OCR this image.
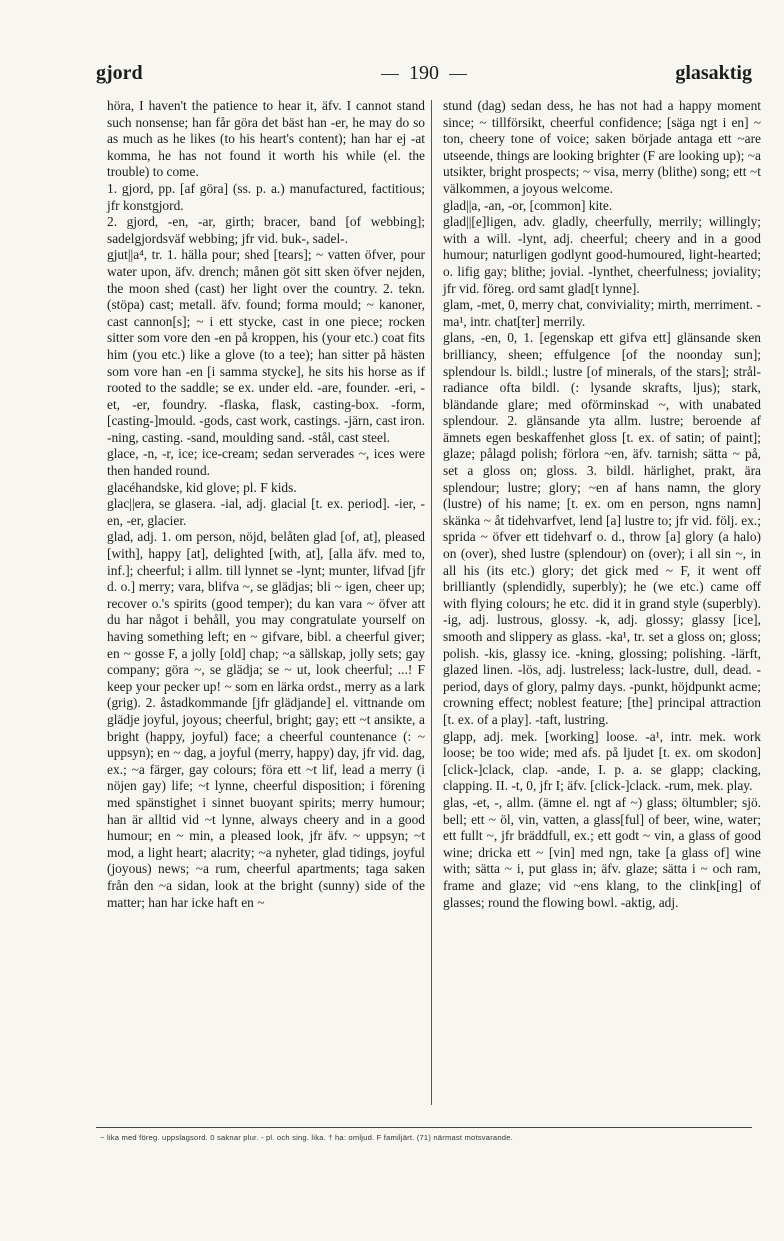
gjord	190	glasaktig

höra, I haven't the patience to hear it, äfv. I cannot stand such nonsense; han får göra det bäst han -er, he may do so as much as he likes (to his heart's content); han har ej -at komma, he has not found it worth his while (el. the trouble) to come.

1. gjord, pp. [af göra] (ss. p. a.) manufactured, factitious; jfr konstgjord.

2. gjord, -en, -ar, girth; bracer, band [of webbing]; sadelgjordsväf webbing; jfr vid. buk-, sadel-.

gjut||a⁴, tr. 1. hälla pour; shed [tears]; ~ vatten öfver, pour water upon, äfv. drench; månen göt sitt sken öfver nejden, the moon shed (cast) her light over the country. 2. tekn. (stöpa) cast; metall. äfv. found; forma mould; ~ kanoner, cast cannon[s]; ~ i ett stycke, cast in one piece; rocken sitter som vore den -en på kroppen, his (your etc.) coat fits him (you etc.) like a glove (to a tee); han sitter på hästen som vore han -en [i samma stycke], he sits his horse as if rooted to the saddle; se ex. under eld. -are, founder. -eri, -et, -er, foundry. -flaska, flask, casting-box. -form, [casting-]mould. -gods, cast work, castings. -järn, cast iron. -ning, casting. -sand, moulding sand. -stål, cast steel.

glace, -n, -r, ice; ice-cream; sedan serverades ~, ices were then handed round.

glacéhandske, kid glove; pl. F kids.

glac||era, se glasera. -ial, adj. glacial [t. ex. period]. -ier, -en, -er, glacier.

glad, adj. 1. om person, nöjd, belåten glad [of, at], pleased [with], happy [at], delighted [with, at], [alla äfv. med to, inf.]; cheerful; i allm. till lynnet se -lynt; munter, lifvad [jfr d. o.] merry; vara, blifva ~, se glädjas; bli ~ igen, cheer up; recover o.'s spirits (good temper); du kan vara ~ öfver att du har något i behåll, you may congratulate yourself on having something left; en ~ gifvare, bibl. a cheerful giver; en ~ gosse F, a jolly [old] chap; ~a sällskap, jolly sets; gay company; göra ~, se glädja; se ~ ut, look cheerful; ...! F keep your pecker up! ~ som en lärka ordst., merry as a lark (grig). 2. åstadkommande [jfr glädjande] el. vittnande om glädje joyful, joyous; cheerful, bright; gay; ett ~t ansikte, a bright (happy, joyful) face; a cheerful countenance (: ~ uppsyn); en ~ dag, a joyful (merry, happy) day, jfr vid. dag, ex.; ~a färger, gay colours; föra ett ~t lif, lead a merry (i nöjen gay) life; ~t lynne, cheerful disposition; i förening med spänstighet i sinnet buoyant spirits; merry humour; han är alltid vid ~t lynne, always cheery and in a good humour; en ~ min, a pleased look, jfr äfv. ~ uppsyn; ~t mod, a light heart; alacrity; ~a nyheter, glad tidings, joyful (joyous) news; ~a rum, cheerful apartments; taga saken från den ~a sidan, look at the bright (sunny) side of the matter; han har icke haft en ~

stund (dag) sedan dess, he has not had a happy moment since; ~ tillförsikt, cheerful confidence; [säga ngt i en] ~ ton, cheery tone of voice; saken började antaga ett ~are utseende, things are looking brighter (F are looking up); ~a utsikter, bright prospects; ~ visa, merry (blithe) song; ett ~t välkommen, a joyous welcome.

glad||a, -an, -or, [common] kite.

glad||[e]ligen, adv. gladly, cheerfully, merrily; willingly; with a will. -lynt, adj. cheerful; cheery and in a good humour; naturligen godlynt good-humoured, light-hearted; o. lifig gay; blithe; jovial. -lynthet, cheerfulness; joviality; jfr vid. föreg. ord samt glad[t lynne].

glam, -met, 0, merry chat, conviviality; mirth, merriment. -ma¹, intr. chat[ter] merrily.

glans, -en, 0, 1. [egenskap ett gifva ett] glänsande sken brilliancy, sheen; effulgence [of the noonday sun]; splendour ls. bildl.; lustre [of minerals, of the stars]; strål- radiance ofta bildl. (: lysande skrafts, ljus); stark, bländande glare; med oförminskad ~, with unabated splendour. 2. glänsande yta allm. lustre; beroende af ämnets egen beskaffenhet gloss [t. ex. of satin; of paint]; glaze; pålagd polish; förlora ~en, äfv. tarnish; sätta ~ på, set a gloss on; gloss. 3. bildl. härlighet, prakt, ära splendour; lustre; glory; ~en af hans namn, the glory (lustre) of his name; [t. ex. om en person, ngns namn] skänka ~ åt tidehvarfvet, lend [a] lustre to; jfr vid. följ. ex.; sprida ~ öfver ett tidehvarf o. d., throw [a] glory (a halo) on (over), shed lustre (splendour) on (over); i all sin ~, in all his (its etc.) glory; det gick med ~ F, it went off brilliantly (splendidly, superbly); he (we etc.) came off with flying colours; he etc. did it in grand style (superbly). -ig, adj. lustrous, glossy. -k, adj. glossy; glassy [ice], smooth and slippery as glass. -ka¹, tr. set a gloss on; gloss; polish. -kis, glassy ice. -kning, glossing; polishing. -lärft, glazed linen. -lös, adj. lustreless; lack-lustre, dull, dead. -period, days of glory, palmy days. -punkt, höjdpunkt acme; crowning effect; noblest feature; [the] principal attraction [t. ex. of a play]. -taft, lustring.

glapp, adj. mek. [working] loose. -a¹, intr. mek. work loose; be too wide; med afs. på ljudet [t. ex. om skodon] [click-]clack, clap. -ande, I. p. a. se glapp; clacking, clapping. II. -t, 0, jfr I; äfv. [click-]clack. -rum, mek. play.

glas, -et, -, allm. (ämne el. ngt af ~) glass; öltumbler; sjö. bell; ett ~ öl, vin, vatten, a glass[ful] of beer, wine, water; ett fullt ~, jfr bräddfull, ex.; ett godt ~ vin, a glass of good wine; dricka ett ~ [vin] med ngn, take [a glass of] wine with; sätta ~ i, put glass in; äfv. glaze; sätta i ~ och ram, frame and glaze; vid ~ens klang, to the clink[ing] of glasses; round the flowing bowl. -aktig, adj.

~ lika med föreg. uppslagsord. 0 saknar plur. - pl. och sing. lika. † ha: omljud. F familjärt. (71) närmast motsvarande.
